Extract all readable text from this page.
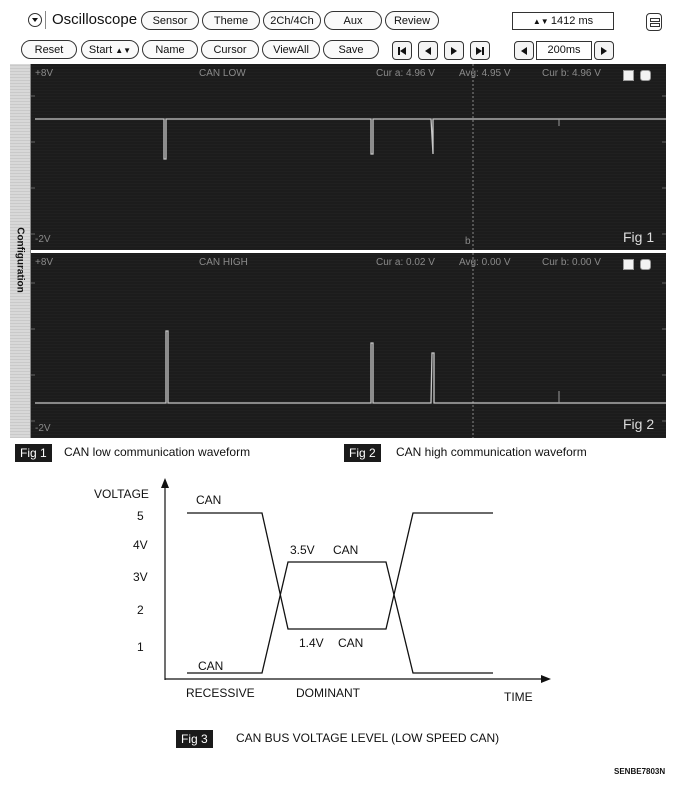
Oscilloscope	Sensor	Theme	2Ch/4Ch	Aux	Review	▲▼ 1412 ms
Reset	Start ▲▼	Name	Cursor	ViewAll	Save	200ms
Configuration
+8V	CAN LOW	Cur a: 4.96 V Avg: 4.95 V	Cur b: 4.96 V
-2V	b	Fig 1
+8V	CAN HIGH	Cur a: 0.02 V Avg: 0.00 V	Cur b: 0.00 V
-2V	Fig 2
Fig 1	CAN low communication waveform	Fig 2	CAN high communication waveform
VOLTAGE
5
4V
3V
2
1
CAN
CAN
3.5V CAN
1.4V CAN
RECESSIVE	DOMINANT	TIME
Fig 3	CAN BUS VOLTAGE LEVEL (LOW SPEED CAN)
SENBE7803N
